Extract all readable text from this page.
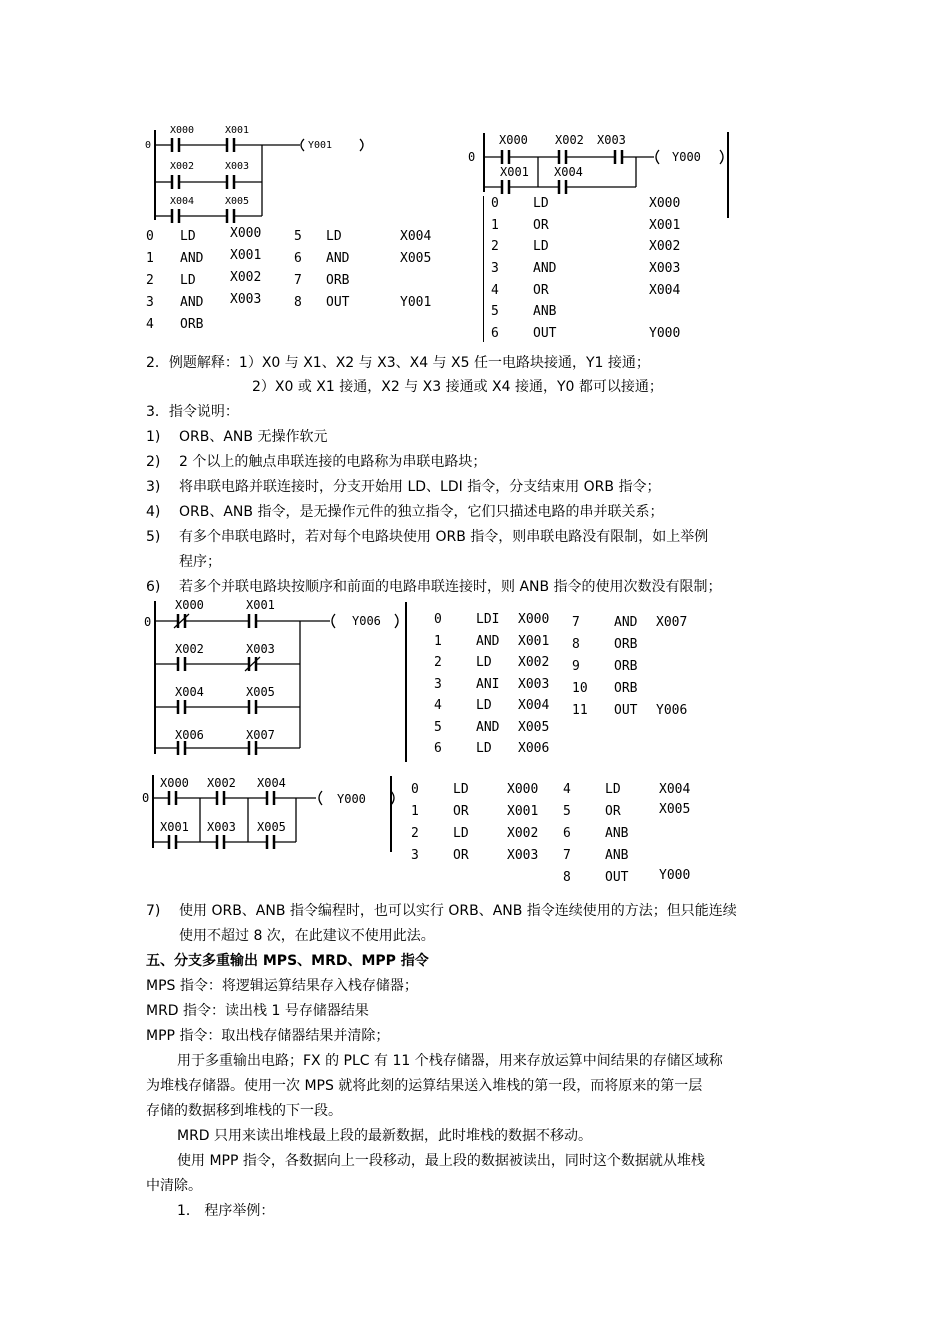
0
X000	X001
Y001
X002	X003
X004	X005
0 LD	X000
1 AND X001
2 LD	X002
3 AND X003
4 ORB
5 LD	X004
6 AND	X005
7 ORB
8 OUT	Y001
0
X000 X002 X003
Y000
X001 X004
0	LD	X000
1	OR	X001
2	LD	X002
3	AND	X003
4	OR	X004
5	ANB
6	OUT	Y000
2．例题解释：1）X0 与 X1、X2 与 X3、X4 与 X5 任一电路块接通，Y1 接通；
2）X0 或 X1 接通，X2 与 X3 接通或 X4 接通，Y0 都可以接通；
3．指令说明：
1) ORB、ANB 无操作软元
2) 2 个以上的触点串联连接的电路称为串联电路块；
3) 将串联电路并联连接时，分支开始用 LD、LDI 指令，分支结束用 ORB 指令；
4) ORB、ANB 指令，是无操作元件的独立指令，它们只描述电路的串并联关系；
5) 有多个串联电路时，若对每个电路块使用 ORB 指令，则串联电路没有限制，如上举例
程序；
6) 若多个并联电路块按顺序和前面的电路串联连接时，则 ANB 指令的使用次数没有限制；
0
X000	X001
Y006
X002	X003
X004	X005
X006	X007
0	LDI X000
1	AND X001
2	LD X002
3	ANI X003
4	LD X004
5	AND X005
6	LD X006
7	AND X007
8	ORB
9	ORB
10 ORB
11 OUT Y006
0
X000 X002 X004
Y000
X001 X003 X005
0	LD	X000
1	OR	X001
2	LD	X002
3	OR	X003
4	LD	X004
5	OR	X005
6	ANB
7	ANB
8	OUT Y000
7) 使用 ORB、ANB 指令编程时，也可以实行 ORB、ANB 指令连续使用的方法；但只能连续
使用不超过 8 次，在此建议不使用此法。
五、分支多重输出 MPS、MRD、MPP 指令
MPS 指令：将逻辑运算结果存入栈存储器；
MRD 指令：读出栈 1 号存储器结果
MPP 指令：取出栈存储器结果并清除；
用于多重输出电路；FX 的 PLC 有 11 个栈存储器，用来存放运算中间结果的存储区域称
为堆栈存储器。使用一次 MPS 就将此刻的运算结果送入堆栈的第一段，而将原来的第一层
存储的数据移到堆栈的下一段。
MRD 只用来读出堆栈最上段的最新数据，此时堆栈的数据不移动。
使用 MPP 指令，各数据向上一段移动，最上段的数据被读出，同时这个数据就从堆栈
中清除。
1． 程序举例：
